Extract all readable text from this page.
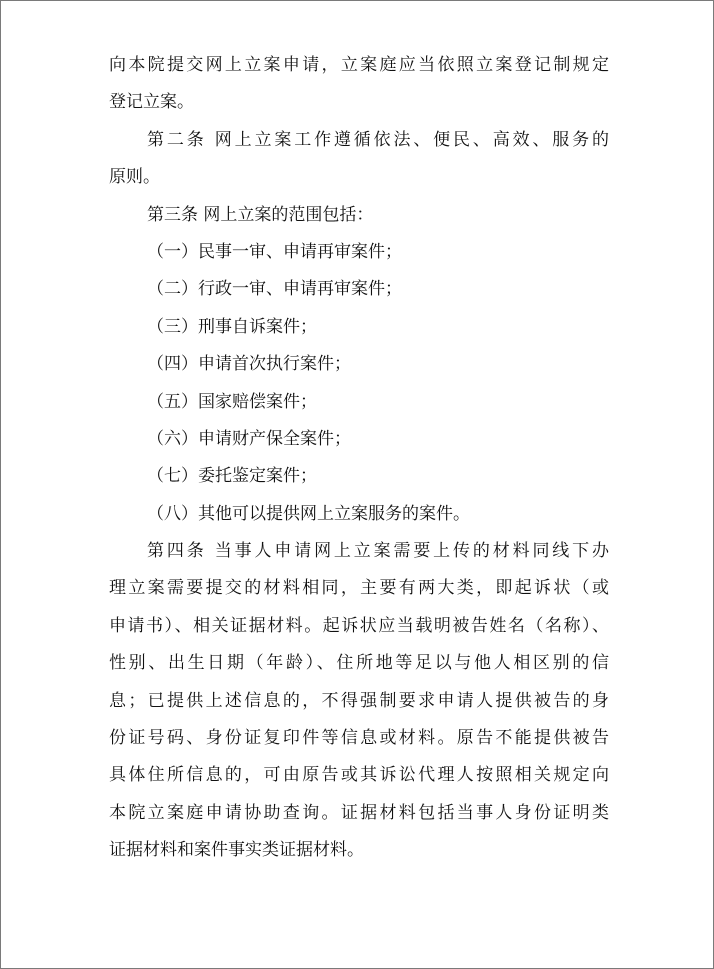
向本院提交网上立案申请，立案庭应当依照立案登记制规定
登记立案。
第二条 网上立案工作遵循依法、便民、高效、服务的
原则。
第三条 网上立案的范围包括：
（一）民事一审、申请再审案件；
（二）行政一审、申请再审案件；
（三）刑事自诉案件；
（四）申请首次执行案件；
（五）国家赔偿案件；
（六）申请财产保全案件；
（七）委托鉴定案件；
（八）其他可以提供网上立案服务的案件。
第四条 当事人申请网上立案需要上传的材料同线下办
理立案需要提交的材料相同，主要有两大类，即起诉状（或
申请书）、相关证据材料。起诉状应当载明被告姓名（名称）、
性别、出生日期（年龄）、住所地等足以与他人相区别的信
息；已提供上述信息的，不得强制要求申请人提供被告的身
份证号码、身份证复印件等信息或材料。原告不能提供被告
具体住所信息的，可由原告或其诉讼代理人按照相关规定向
本院立案庭申请协助查询。证据材料包括当事人身份证明类
证据材料和案件事实类证据材料。
